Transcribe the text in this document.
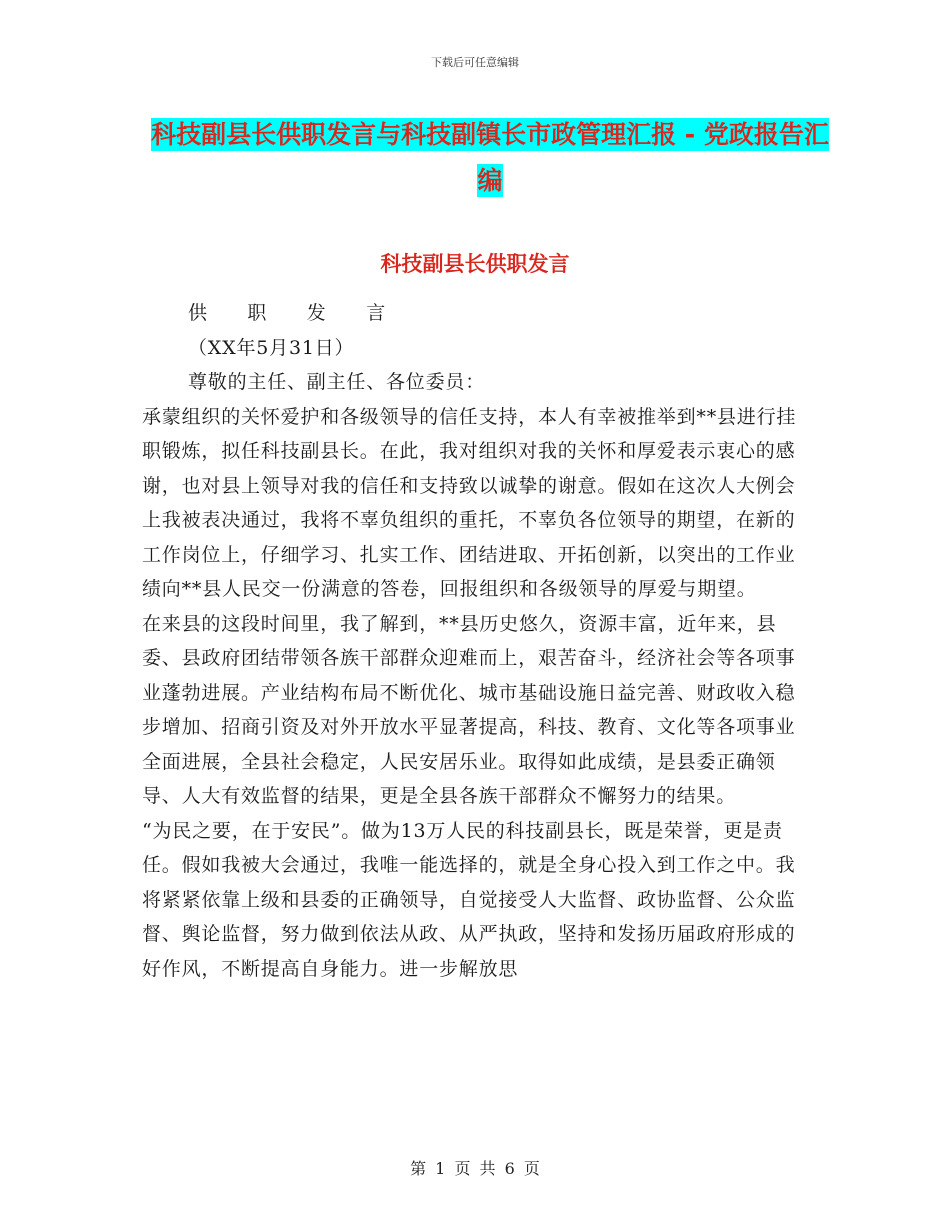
下载后可任意编辑
科技副县长供职发言与科技副镇长市政管理汇报 - 党政报告汇编
科技副县长供职发言

供　　职　　发　　言

（XX年5月31日）

尊敬的主任、副主任、各位委员：

承蒙组织的关怀爱护和各级领导的信任支持，本人有幸被推举到**县进行挂职锻炼，拟任科技副县长。在此，我对组织对我的关怀和厚爱表示衷心的感谢，也对县上领导对我的信任和支持致以诚挚的谢意。假如在这次人大例会上我被表决通过，我将不辜负组织的重托，不辜负各位领导的期望，在新的工作岗位上，仔细学习、扎实工作、团结进取、开拓创新，以突出的工作业绩向**县人民交一份满意的答卷，回报组织和各级领导的厚爱与期望。

在来县的这段时间里，我了解到，**县历史悠久，资源丰富，近年来，县委、县政府团结带领各族干部群众迎难而上，艰苦奋斗，经济社会等各项事业蓬勃进展。产业结构布局不断优化、城市基础设施日益完善、财政收入稳步增加、招商引资及对外开放水平显著提高，科技、教育、文化等各项事业全面进展，全县社会稳定，人民安居乐业。取得如此成绩，是县委正确领导、人大有效监督的结果，更是全县各族干部群众不懈努力的结果。

“为民之要，在于安民”。做为13万人民的科技副县长，既是荣誉，更是责任。假如我被大会通过，我唯一能选择的，就是全身心投入到工作之中。我将紧紧依靠上级和县委的正确领导，自觉接受人大监督、政协监督、公众监督、舆论监督，努力做到依法从政、从严执政，坚持和发扬历届政府形成的好作风，不断提高自身能力。进一步解放思

第 1 页 共 6 页
